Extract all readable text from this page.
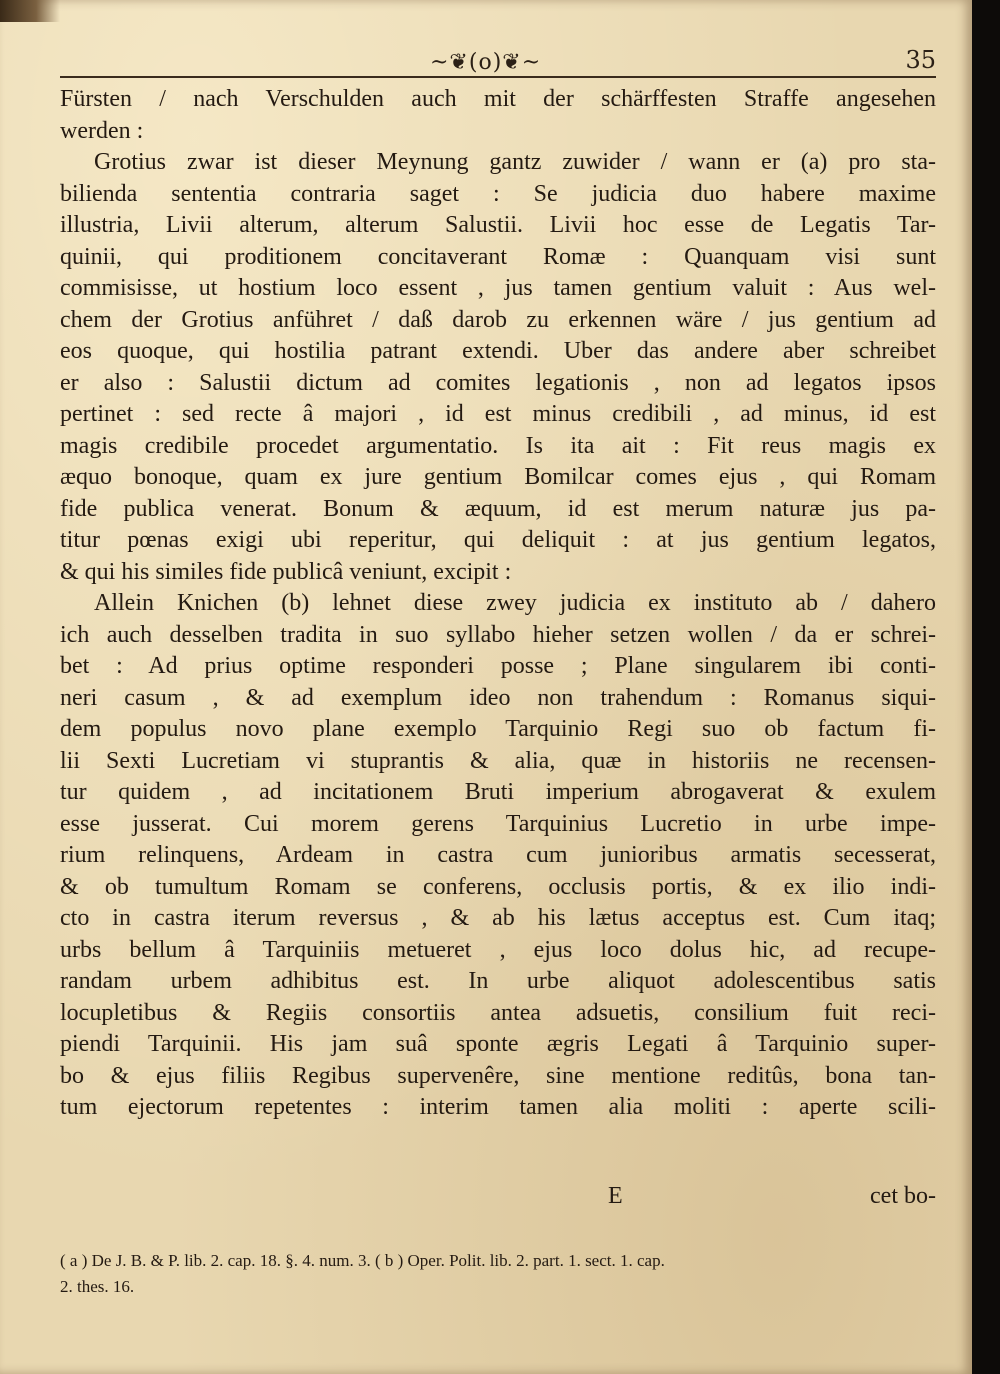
~❦(o)❦~	35
Fürsten / nach Verschulden auch mit der schärffesten Straffe angesehen
werden :
Grotius zwar ist dieser Meynung gantz zuwider / wann er (a) pro sta-
bilienda sententia contraria saget : Se judicia duo habere maxime
illustria, Livii alterum, alterum Salustii. Livii hoc esse de Legatis Tar-
quinii, qui proditionem concitaverant Romæ : Quanquam visi sunt
commisisse, ut hostium loco essent , jus tamen gentium valuit : Aus wel-
chem der Grotius anführet / daß darob zu erkennen wäre / jus gentium ad
eos quoque, qui hostilia patrant extendi. Uber das andere aber schreibet
er also : Salustii dictum ad comites legationis , non ad legatos ipsos
pertinet : sed recte â majori , id est minus credibili , ad minus, id est
magis credibile procedet argumentatio. Is ita ait : Fit reus magis ex
æquo bonoque, quam ex jure gentium Bomilcar comes ejus , qui Romam
fide publica venerat. Bonum & æquum, id est merum naturæ jus pa-
titur pœnas exigi ubi reperitur, qui deliquit : at jus gentium legatos,
& qui his similes fide publicâ veniunt, excipit :
Allein Knichen (b) lehnet diese zwey judicia ex instituto ab / dahero
ich auch desselben tradita in suo syllabo hieher setzen wollen / da er schrei-
bet : Ad prius optime responderi posse ; Plane singularem ibi conti-
neri casum , & ad exemplum ideo non trahendum : Romanus siqui-
dem populus novo plane exemplo Tarquinio Regi suo ob factum fi-
lii Sexti Lucretiam vi stuprantis & alia, quæ in historiis ne recensen-
tur quidem , ad incitationem Bruti imperium abrogaverat & exulem
esse jusserat. Cui morem gerens Tarquinius Lucretio in urbe impe-
rium relinquens, Ardeam in castra cum junioribus armatis secesserat,
& ob tumultum Romam se conferens, occlusis portis, & ex ilio indi-
cto in castra iterum reversus , & ab his lætus acceptus est. Cum itaq;
urbs bellum â Tarquiniis metueret , ejus loco dolus hic, ad recupe-
randam urbem adhibitus est. In urbe aliquot adolescentibus satis
locupletibus & Regiis consortiis antea adsuetis, consilium fuit reci-
piendi Tarquinii. His jam suâ sponte ægris Legati â Tarquinio super-
bo & ejus filiis Regibus supervenêre, sine mentione reditûs, bona tan-
tum ejectorum repetentes : interim tamen alia moliti : aperte scili-
E	cet bo-
( a ) De J. B. & P. lib. 2. cap. 18. §. 4. num. 3. ( b ) Oper. Polit. lib. 2. part. 1. sect. 1. cap.
2. thes. 16.
